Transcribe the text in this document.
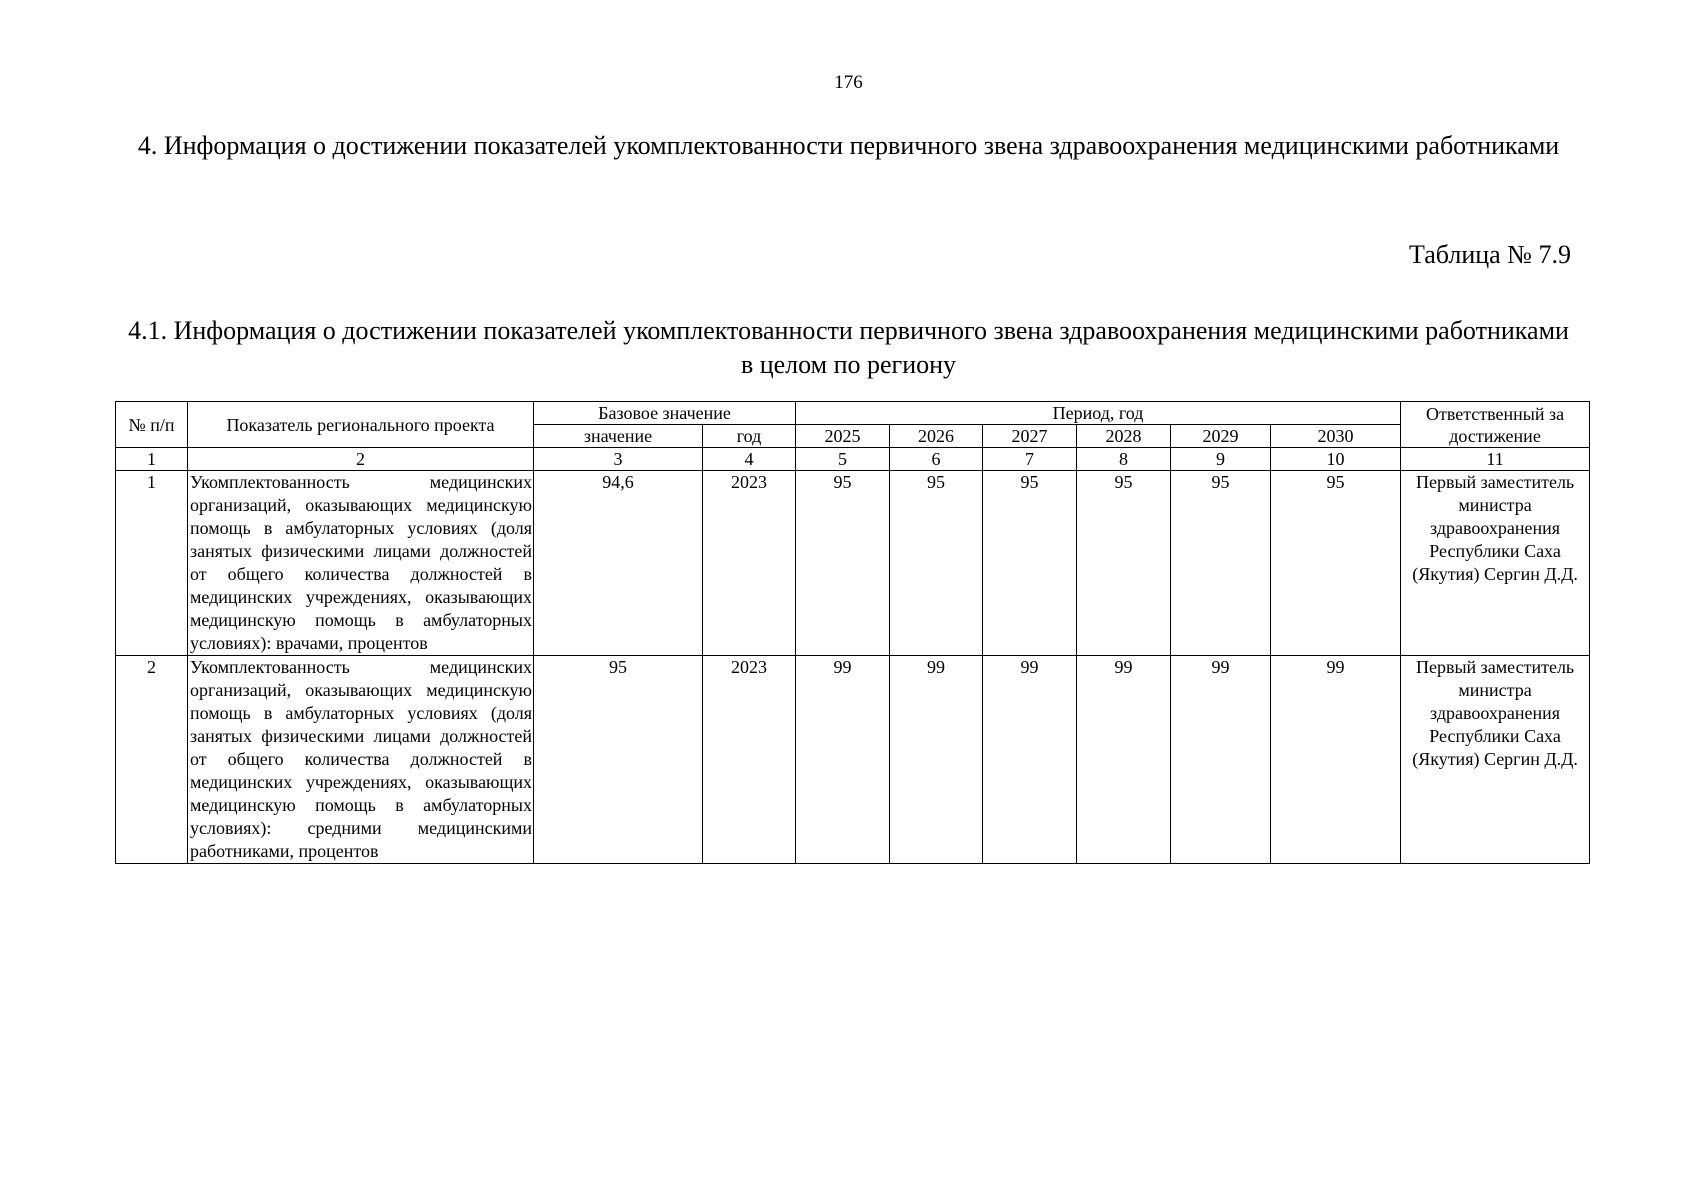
176
4. Информация о достижении показателей укомплектованности первичного звена здравоохранения медицинскими работниками
Таблица № 7.9
4.1. Информация о достижении показателей укомплектованности первичного звена здравоохранения медицинскими работниками в целом по региону
№ п/п	Показатель регионального проекта	Базовое значение		Период, год						Ответственный за достижение
		значение	год	2025	2026	2027	2028	2029	2030	
1	2	3	4	5	6	7	8	9	10	11
1	Укомплектованность медицинских организаций, оказывающих медицинскую помощь в амбулаторных условиях (доля занятых физическими лицами должностей от общего количества должностей в медицинских учреждениях, оказывающих медицинскую помощь в амбулаторных условиях): врачами, процентов	94,6	2023	95	95	95	95	95	95	Первый заместитель министра здравоохранения Республики Саха (Якутия) Сергин Д.Д.
2	Укомплектованность медицинских организаций, оказывающих медицинскую помощь в амбулаторных условиях (доля занятых физическими лицами должностей от общего количества должностей в медицинских учреждениях, оказывающих медицинскую помощь в амбулаторных условиях): средними медицинскими работниками, процентов	95	2023	99	99	99	99	99	99	Первый заместитель министра здравоохранения Республики Саха (Якутия) Сергин Д.Д.
